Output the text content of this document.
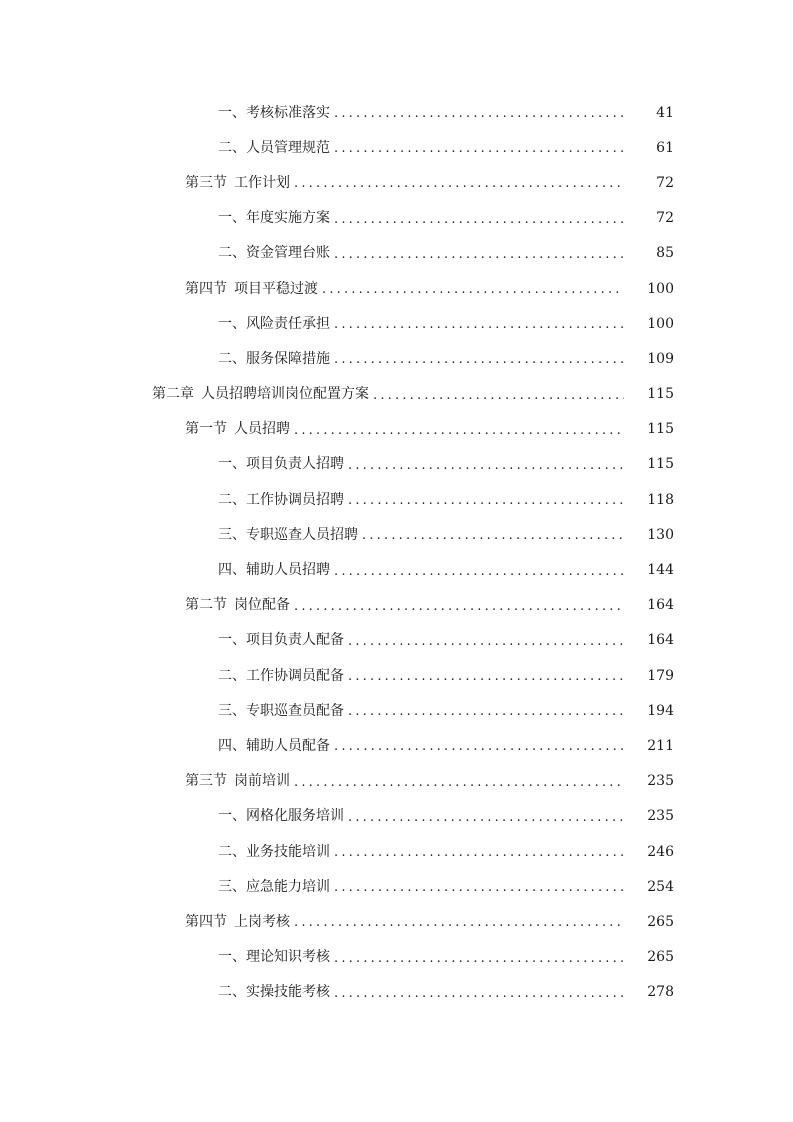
一、 考核标准落实 .....	41
二、 人员管理规范 .....	61
第三节 工作计划 .....	72
一、 年度实施方案 .....	72
二、 资金管理台账 .....	85
第四节 项目平稳过渡 .....	100
一、 风险责任承担 .....	100
二、 服务保障措施 .....	109
第二章 人员招聘培训岗位配置方案 .....	115
第一节 人员招聘 .....	115
一、 项目负责人招聘 .....	115
二、 工作协调员招聘 .....	118
三、 专职巡查人员招聘 .....	130
四、 辅助人员招聘 .....	144
第二节 岗位配备 .....	164
一、 项目负责人配备 .....	164
二、 工作协调员配备 .....	179
三、 专职巡查员配备 .....	194
四、 辅助人员配备 .....	211
第三节 岗前培训 .....	235
一、 网格化服务培训 .....	235
二、 业务技能培训 .....	246
三、 应急能力培训 .....	254
第四节 上岗考核 .....	265
一、 理论知识考核 .....	265
二、 实操技能考核 .....	278
